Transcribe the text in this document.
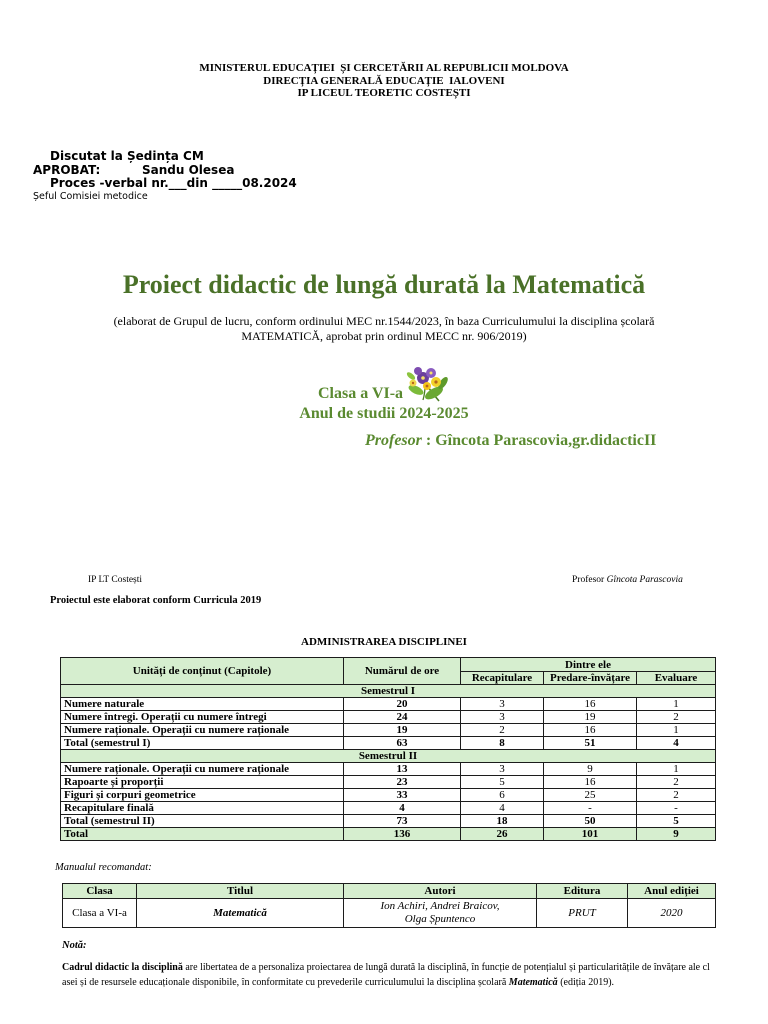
MINISTERUL EDUCAȚIEI  ȘI CERCETĂRII AL REPUBLICII MOLDOVA
DIRECȚIA GENERALĂ EDUCAȚIE  IALOVENI
IP LICEUL TEORETIC COSTEȘTI
Discutat la Ședința CM
APROBAT:	Sandu Olesea
Proces -verbal nr.___din _____08.2024
Șeful Comisiei metodice
Proiect didactic de lungă durată la Matematică
(elaborat de Grupul de lucru, conform ordinului MEC nr.1544/2023, în baza Curriculumului la disciplina școlară
MATEMATICĂ, aprobat prin ordinul MECC nr. 906/2019)
Clasa a VI-a
Anul de studii 2024-2025
Profesor : Gîncota Parascovia,gr.didacticII
IP LT Costești	Profesor Gîncota Parascovia
Proiectul este elaborat conform Curricula 2019
ADMINISTRAREA DISCIPLINEI
Unități de conținut (Capitole)	Numărul de ore	Dintre ele		
		Recapitulare	Predare-învățare	Evaluare
Semestrul I				
Numere naturale	20	3	16	1
Numere întregi. Operații cu numere întregi	24	3	19	2
Numere raționale. Operații cu numere raționale	19	2	16	1
Total (semestrul I)	63	8	51	4
Semestrul II				
Numere raționale. Operații cu numere raționale	13	3	9	1
Rapoarte și proporții	23	5	16	2
Figuri și corpuri geometrice	33	6	25	2
Recapitulare finală	4	4	-	-
Total (semestrul II)	73	18	50	5
Total	136	26	101	9
Manualul recomandat:
Clasa	Titlul	Autori	Editura	Anul ediției
Clasa a VI-a	Matematică	Ion Achiri, Andrei Braicov,
Olga Șpuntenco	PRUT	2020
Notă:
Cadrul didactic la disciplină are libertatea de a personaliza proiectarea de lungă durată la disciplină, în funcție de potențialul și particularitățile de învățare ale clasei și de resursele educaționale disponibile, în conformitate cu prevederile curriculumului la disciplina școlară Matematică (ediția 2019).
